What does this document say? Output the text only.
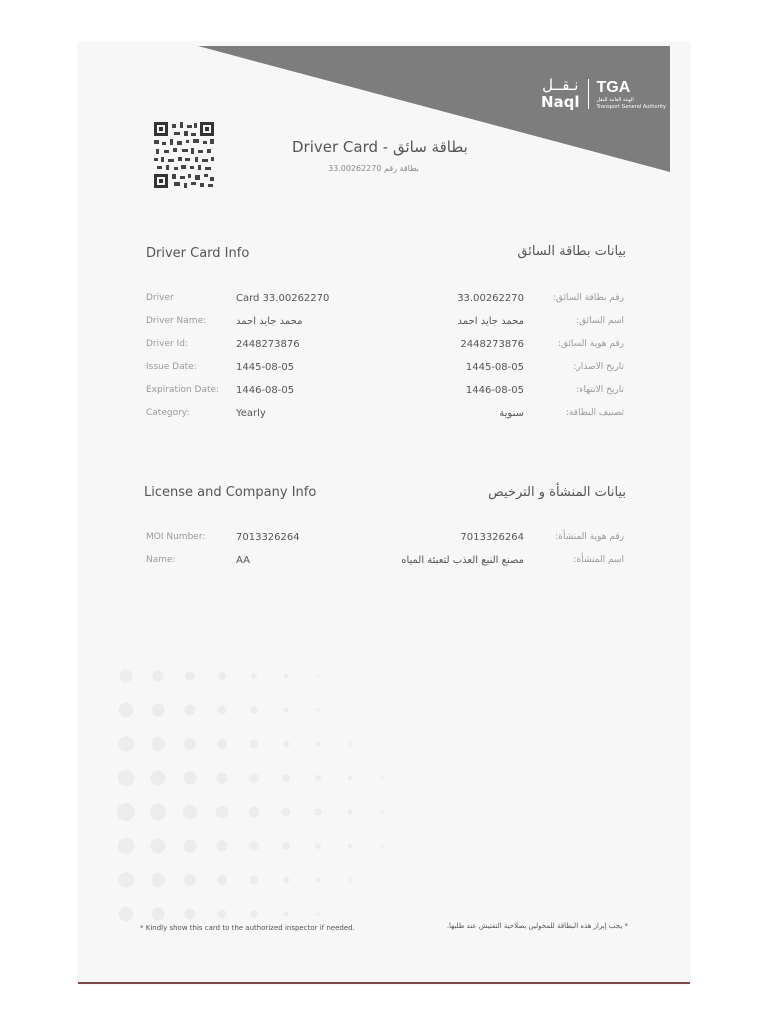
نـقــل
Naql
TGA
الهيئة العامة للنقل
Transport General Authority
Driver Card - بطاقة سائق
بطاقة رقم 33.00262270
Driver Card Info	بيانات بطاقة السائق
Driver	Card 33.00262270	33.00262270	رقم بطاقة السائق:
Driver Name:	محمد جايد احمد	محمد جايد احمد	اسم السائق:
Driver Id:	2448273876	2448273876	رقم هوية السائق:
Issue Date:	1445-08-05	1445-08-05	تاريخ الاصدار:
Expiration Date: 1446-08-05	1446-08-05	تاريخ الانتهاء:
Category:	Yearly	سنوية	تصنيف البطاقة:
License and Company Info	بيانات المنشأة و الترخيص
MOI Number:	7013326264	7013326264	رقم هوية المنشأة:
Name:	AA	مصنع النبع العذب لتعبئة المياه	اسم المنشأة:
* Kindly show this card to the authorized inspector if needed.	* يجب إبراز هذه البطاقة للمخولين بصلاحية التفتيش عند طلبها.
